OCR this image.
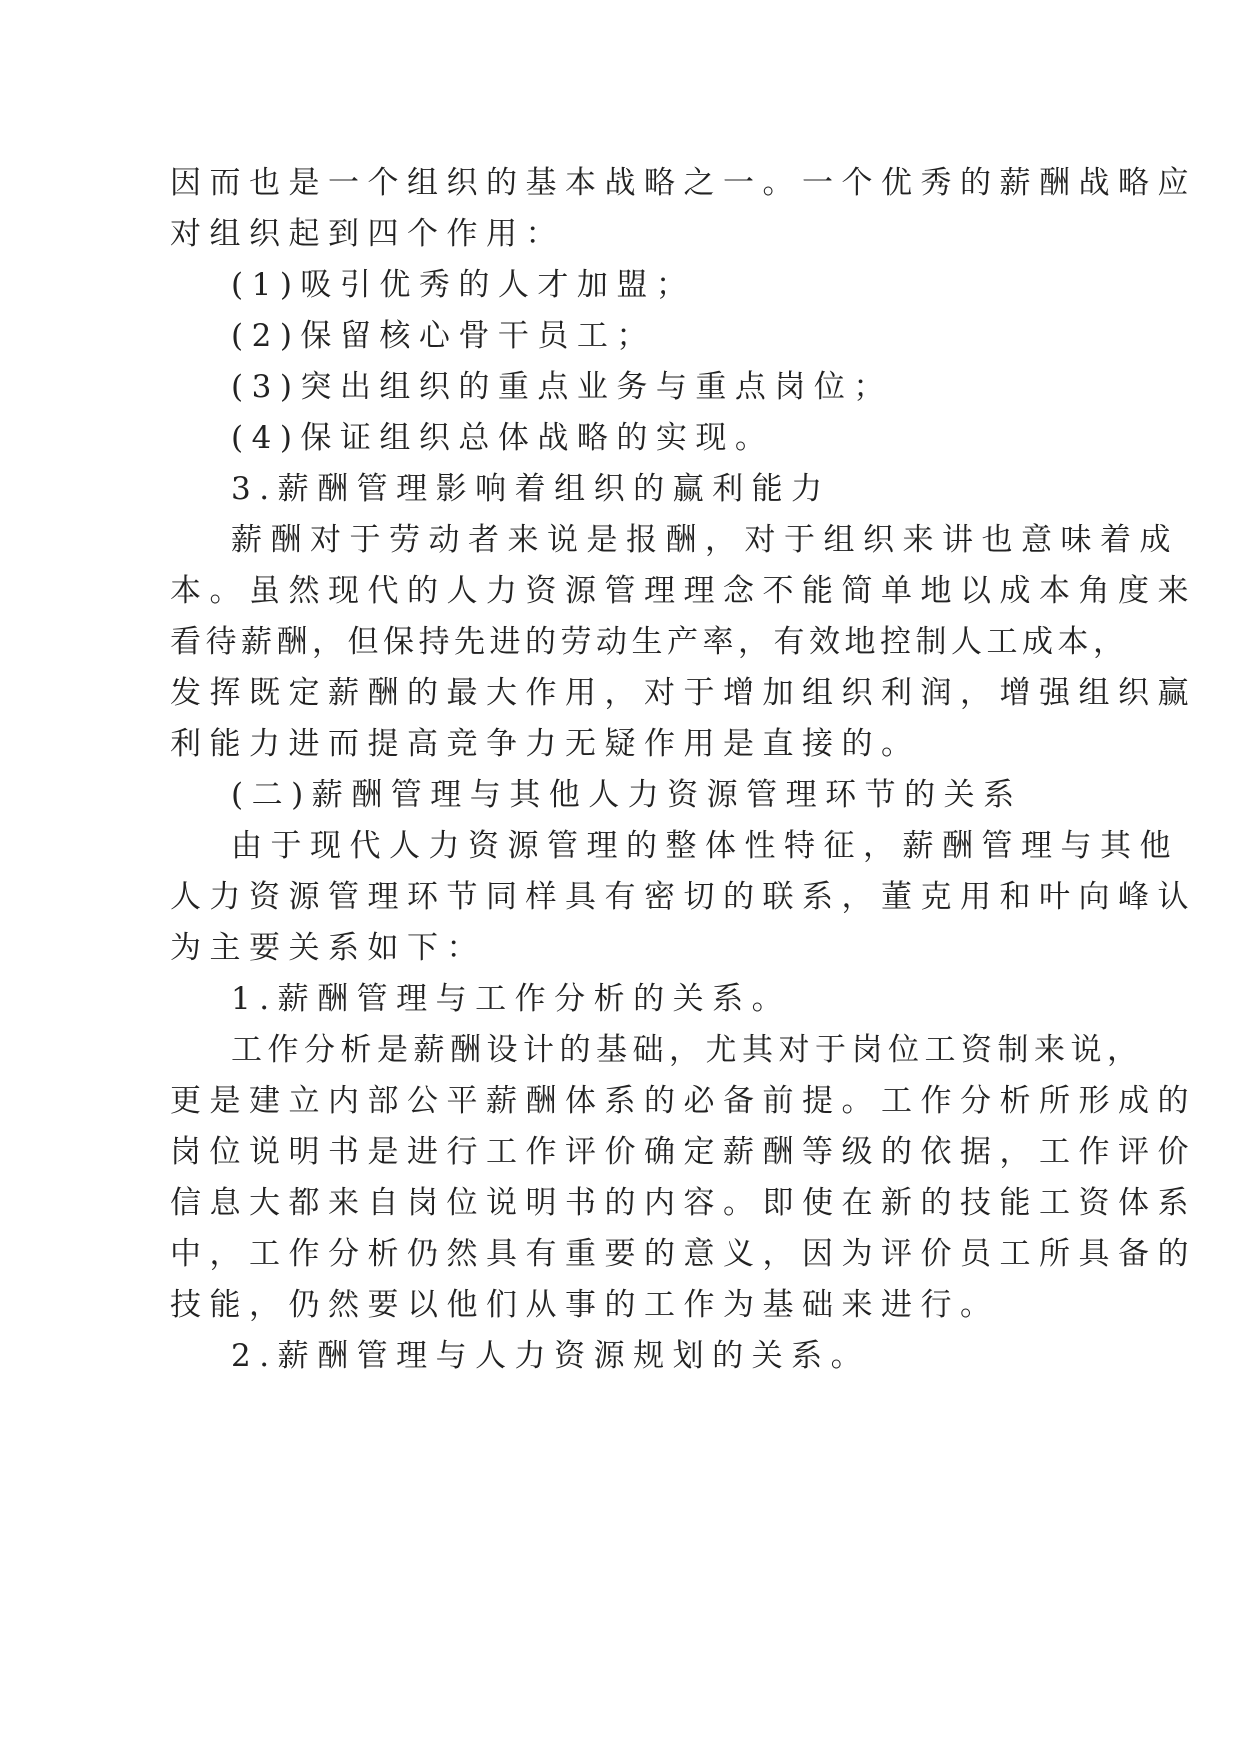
因而也是一个组织的基本战略之一。一个优秀的薪酬战略应
对组织起到四个作用：
(1)吸引优秀的人才加盟；
(2)保留核心骨干员工；
(3)突出组织的重点业务与重点岗位；
(4)保证组织总体战略的实现。
3.薪酬管理影响着组织的赢利能力
薪酬对于劳动者来说是报酬，对于组织来讲也意味着成
本。虽然现代的人力资源管理理念不能简单地以成本角度来
看待薪酬，但保持先进的劳动生产率，有效地控制人工成本，
发挥既定薪酬的最大作用，对于增加组织利润，增强组织赢
利能力进而提高竞争力无疑作用是直接的。
(二)薪酬管理与其他人力资源管理环节的关系
由于现代人力资源管理的整体性特征，薪酬管理与其他
人力资源管理环节同样具有密切的联系，董克用和叶向峰认
为主要关系如下：
1.薪酬管理与工作分析的关系。
工作分析是薪酬设计的基础，尤其对于岗位工资制来说，
更是建立内部公平薪酬体系的必备前提。工作分析所形成的
岗位说明书是进行工作评价确定薪酬等级的依据，工作评价
信息大都来自岗位说明书的内容。即使在新的技能工资体系
中，工作分析仍然具有重要的意义，因为评价员工所具备的
技能，仍然要以他们从事的工作为基础来进行。
2.薪酬管理与人力资源规划的关系。
